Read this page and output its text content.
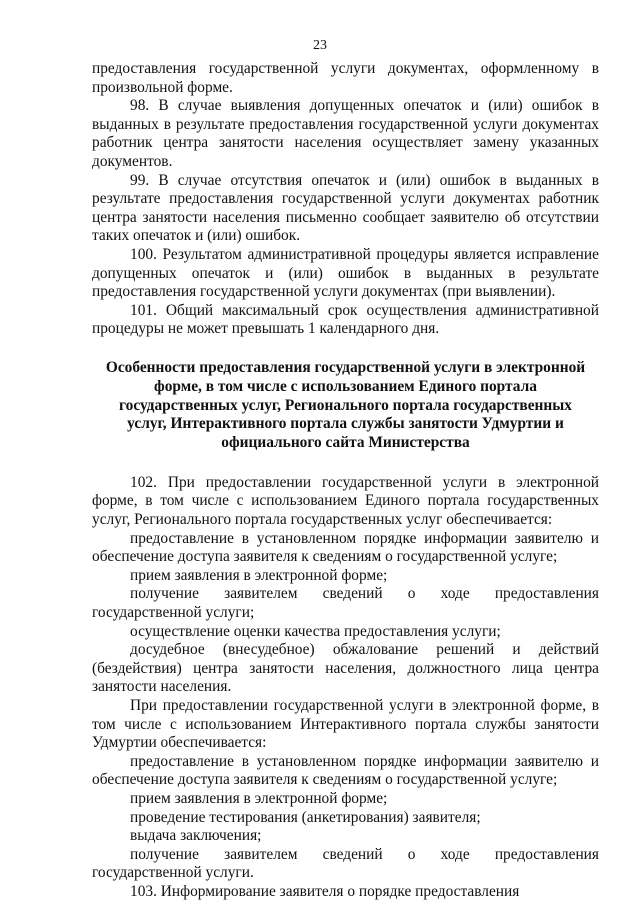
23

предоставления государственной услуги документах, оформленному в произвольной форме.

98. В случае выявления допущенных опечаток и (или) ошибок в выданных в результате предоставления государственной услуги документах работник центра занятости населения осуществляет замену указанных документов.

99. В случае отсутствия опечаток и (или) ошибок в выданных в результате предоставления государственной услуги документах работник центра занятости населения письменно сообщает заявителю об отсутствии таких опечаток и (или) ошибок.

100. Результатом административной процедуры является исправление допущенных опечаток и (или) ошибок в выданных в результате предоставления государственной услуги документах (при выявлении).

101. Общий максимальный срок осуществления административной процедуры не может превышать 1 календарного дня.

Особенности предоставления государственной услуги в электронной форме, в том числе с использованием Единого портала государственных услуг, Регионального портала государственных услуг, Интерактивного портала службы занятости Удмуртии и официального сайта Министерства

102. При предоставлении государственной услуги в электронной форме, в том числе с использованием Единого портала государственных услуг, Регионального портала государственных услуг обеспечивается:

предоставление в установленном порядке информации заявителю и обеспечение доступа заявителя к сведениям о государственной услуге;

прием заявления в электронной форме;

получение заявителем сведений о ходе предоставления государственной услуги;

осуществление оценки качества предоставления услуги;

досудебное (внесудебное) обжалование решений и действий (бездействия) центра занятости населения, должностного лица центра занятости населения.

При предоставлении государственной услуги в электронной форме, в том числе с использованием Интерактивного портала службы занятости Удмуртии обеспечивается:

предоставление в установленном порядке информации заявителю и обеспечение доступа заявителя к сведениям о государственной услуге;

прием заявления в электронной форме;

проведение тестирования (анкетирования) заявителя;

выдача заключения;

получение заявителем сведений о ходе предоставления государственной услуги.

103. Информирование заявителя о порядке предоставления
